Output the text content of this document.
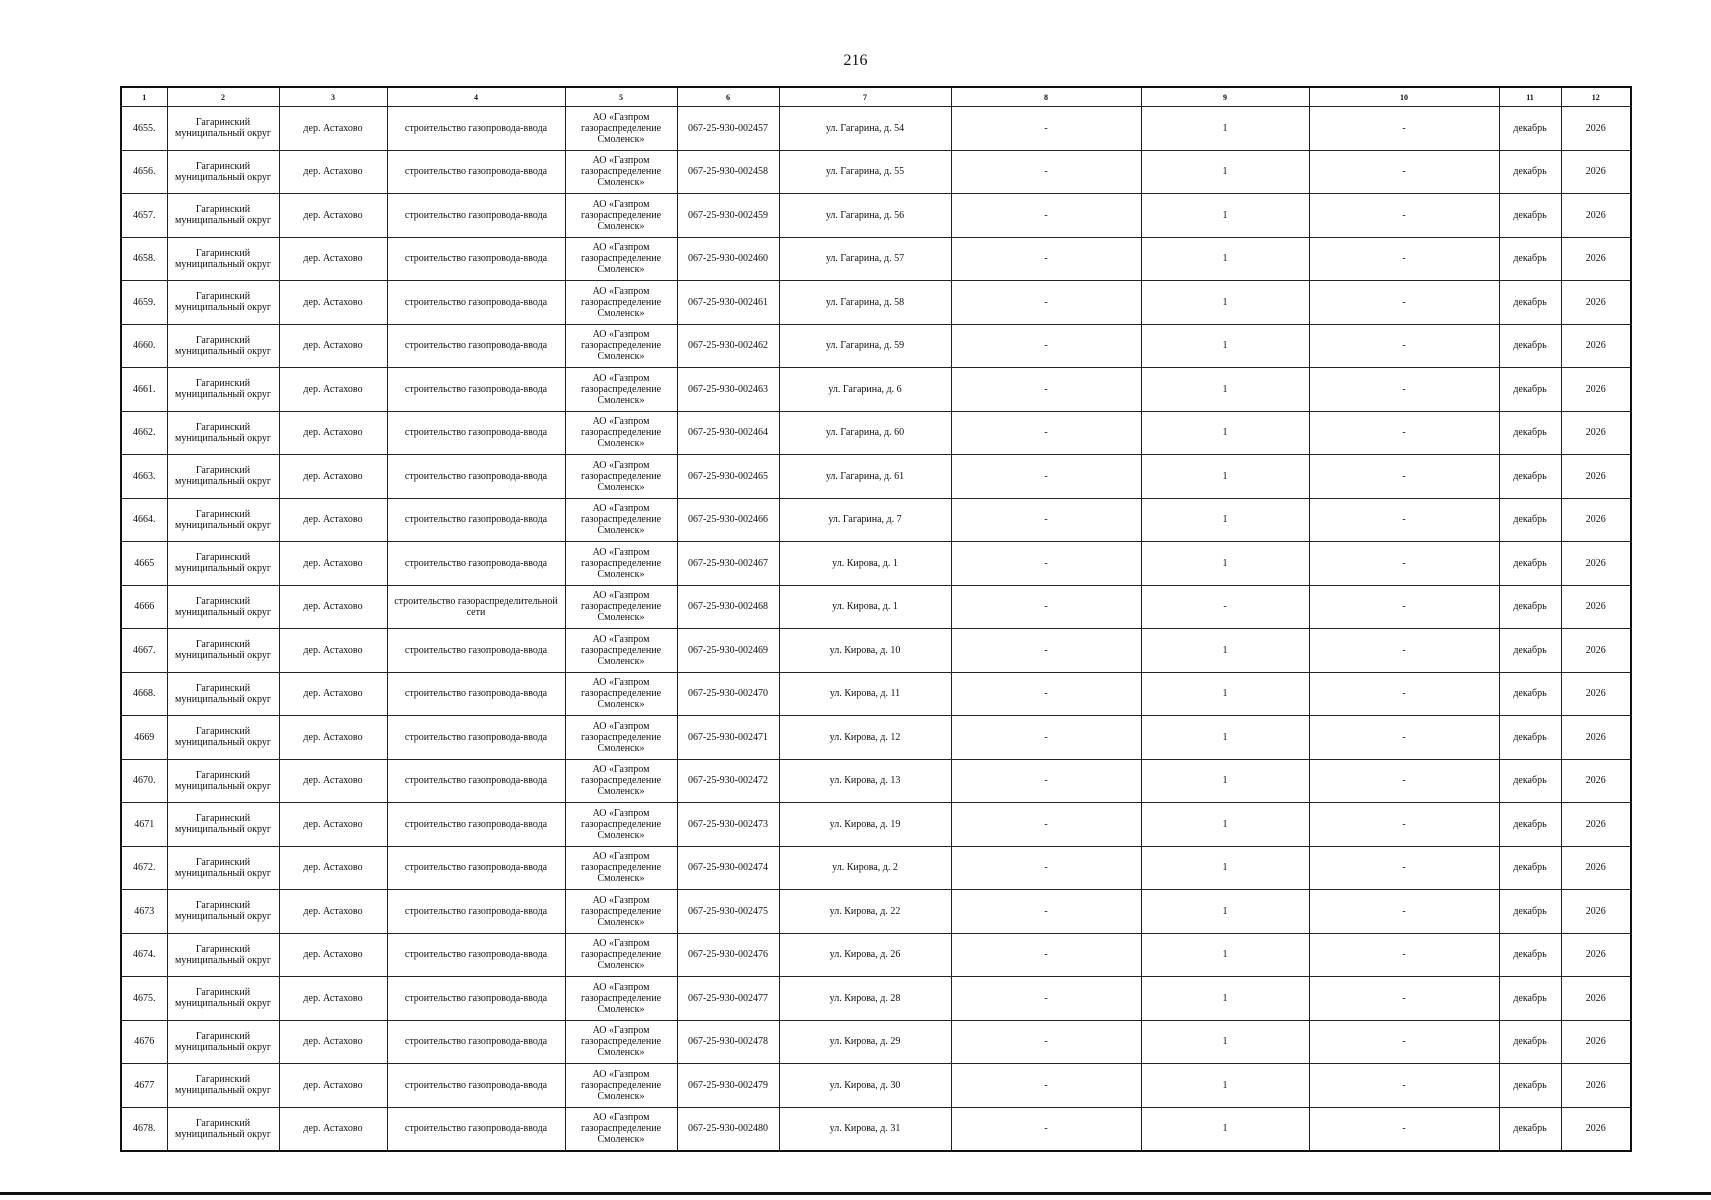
216
1	2	3	4	5	6	7	8	9	10	11	12
4655.	Гагаринский муниципальный округ	дер. Астахово	строительство газопровода-ввода	АО «Газпром газораспределение Смоленск»	067-25-930-002457	ул. Гагарина, д. 54	-	1	-	декабрь	2026
4656.	Гагаринский муниципальный округ	дер. Астахово	строительство газопровода-ввода	АО «Газпром газораспределение Смоленск»	067-25-930-002458	ул. Гагарина, д. 55	-	1	-	декабрь	2026
4657.	Гагаринский муниципальный округ	дер. Астахово	строительство газопровода-ввода	АО «Газпром газораспределение Смоленск»	067-25-930-002459	ул. Гагарина, д. 56	-	1	-	декабрь	2026
4658.	Гагаринский муниципальный округ	дер. Астахово	строительство газопровода-ввода	АО «Газпром газораспределение Смоленск»	067-25-930-002460	ул. Гагарина, д. 57	-	1	-	декабрь	2026
4659.	Гагаринский муниципальный округ	дер. Астахово	строительство газопровода-ввода	АО «Газпром газораспределение Смоленск»	067-25-930-002461	ул. Гагарина, д. 58	-	1	-	декабрь	2026
4660.	Гагаринский муниципальный округ	дер. Астахово	строительство газопровода-ввода	АО «Газпром газораспределение Смоленск»	067-25-930-002462	ул. Гагарина, д. 59	-	1	-	декабрь	2026
4661.	Гагаринский муниципальный округ	дер. Астахово	строительство газопровода-ввода	АО «Газпром газораспределение Смоленск»	067-25-930-002463	ул. Гагарина, д. 6	-	1	-	декабрь	2026
4662.	Гагаринский муниципальный округ	дер. Астахово	строительство газопровода-ввода	АО «Газпром газораспределение Смоленск»	067-25-930-002464	ул. Гагарина, д. 60	-	1	-	декабрь	2026
4663.	Гагаринский муниципальный округ	дер. Астахово	строительство газопровода-ввода	АО «Газпром газораспределение Смоленск»	067-25-930-002465	ул. Гагарина, д. 61	-	1	-	декабрь	2026
4664.	Гагаринский муниципальный округ	дер. Астахово	строительство газопровода-ввода	АО «Газпром газораспределение Смоленск»	067-25-930-002466	ул. Гагарина, д. 7	-	1	-	декабрь	2026
4665	Гагаринский муниципальный округ	дер. Астахово	строительство газопровода-ввода	АО «Газпром газораспределение Смоленск»	067-25-930-002467	ул. Кирова, д. 1	-	1	-	декабрь	2026
4666	Гагаринский муниципальный округ	дер. Астахово	строительство газораспределительной сети	АО «Газпром газораспределение Смоленск»	067-25-930-002468	ул. Кирова, д. 1	-	-	-	декабрь	2026
4667.	Гагаринский муниципальный округ	дер. Астахово	строительство газопровода-ввода	АО «Газпром газораспределение Смоленск»	067-25-930-002469	ул. Кирова, д. 10	-	1	-	декабрь	2026
4668.	Гагаринский муниципальный округ	дер. Астахово	строительство газопровода-ввода	АО «Газпром газораспределение Смоленск»	067-25-930-002470	ул. Кирова, д. 11	-	1	-	декабрь	2026
4669	Гагаринский муниципальный округ	дер. Астахово	строительство газопровода-ввода	АО «Газпром газораспределение Смоленск»	067-25-930-002471	ул. Кирова, д. 12	-	1	-	декабрь	2026
4670.	Гагаринский муниципальный округ	дер. Астахово	строительство газопровода-ввода	АО «Газпром газораспределение Смоленск»	067-25-930-002472	ул. Кирова, д. 13	-	1	-	декабрь	2026
4671	Гагаринский муниципальный округ	дер. Астахово	строительство газопровода-ввода	АО «Газпром газораспределение Смоленск»	067-25-930-002473	ул. Кирова, д. 19	-	1	-	декабрь	2026
4672.	Гагаринский муниципальный округ	дер. Астахово	строительство газопровода-ввода	АО «Газпром газораспределение Смоленск»	067-25-930-002474	ул. Кирова, д. 2	-	1	-	декабрь	2026
4673	Гагаринский муниципальный округ	дер. Астахово	строительство газопровода-ввода	АО «Газпром газораспределение Смоленск»	067-25-930-002475	ул. Кирова, д. 22	-	1	-	декабрь	2026
4674.	Гагаринский муниципальный округ	дер. Астахово	строительство газопровода-ввода	АО «Газпром газораспределение Смоленск»	067-25-930-002476	ул. Кирова, д. 26	-	1	-	декабрь	2026
4675.	Гагаринский муниципальный округ	дер. Астахово	строительство газопровода-ввода	АО «Газпром газораспределение Смоленск»	067-25-930-002477	ул. Кирова, д. 28	-	1	-	декабрь	2026
4676	Гагаринский муниципальный округ	дер. Астахово	строительство газопровода-ввода	АО «Газпром газораспределение Смоленск»	067-25-930-002478	ул. Кирова, д. 29	-	1	-	декабрь	2026
4677	Гагаринский муниципальный округ	дер. Астахово	строительство газопровода-ввода	АО «Газпром газораспределение Смоленск»	067-25-930-002479	ул. Кирова, д. 30	-	1	-	декабрь	2026
4678.	Гагаринский муниципальный округ	дер. Астахово	строительство газопровода-ввода	АО «Газпром газораспределение Смоленск»	067-25-930-002480	ул. Кирова, д. 31	-	1	-	декабрь	2026
